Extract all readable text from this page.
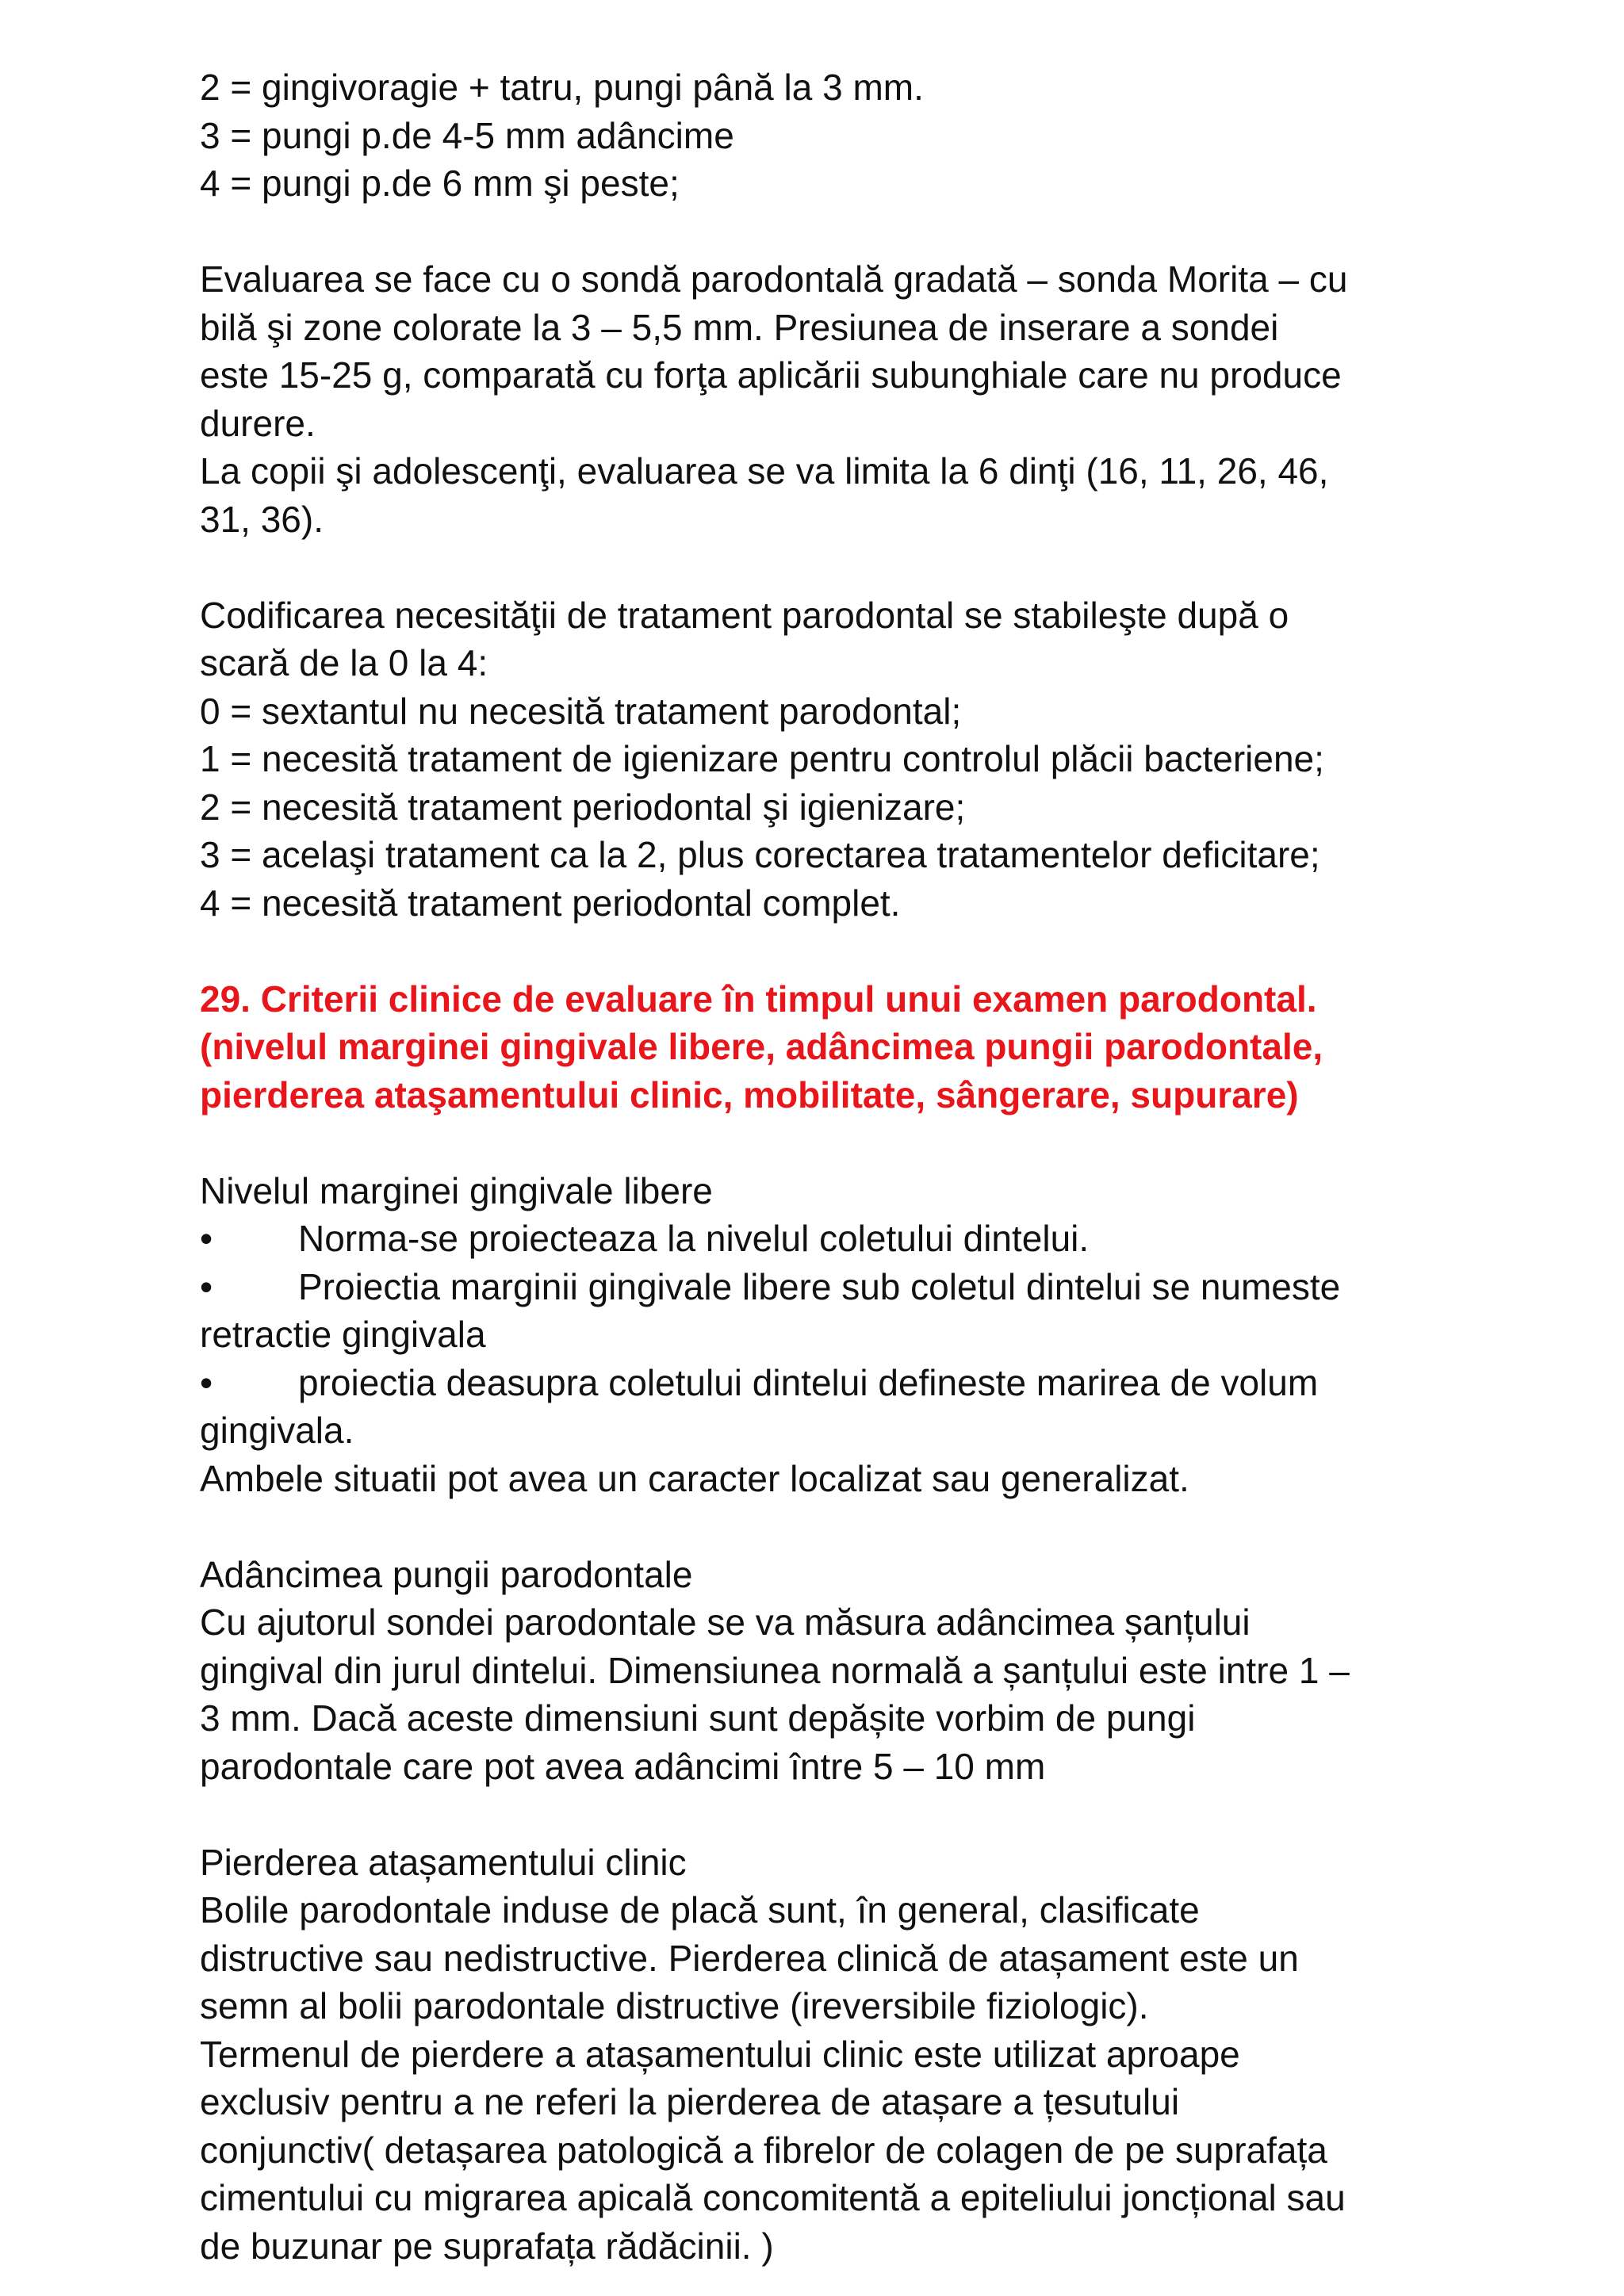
2 = gingivoragie + tatru, pungi până la 3 mm.

3 = pungi p.de 4-5 mm adâncime

4 = pungi p.de 6 mm şi peste;

Evaluarea se face cu o sondă parodontală gradată – sonda Morita – cu

bilă şi zone colorate la 3 – 5,5 mm. Presiunea de inserare a sondei

este 15-25 g, comparată cu forţa aplicării subunghiale care nu produce

durere.

La copii şi adolescenţi, evaluarea se va limita la 6 dinţi (16, 11, 26, 46,

31, 36).

Codificarea necesităţii de tratament parodontal se stabileşte după o

scară de la 0 la 4:

0 = sextantul nu necesită tratament parodontal;

1 = necesită tratament de igienizare pentru controlul plăcii bacteriene;

2 = necesită tratament periodontal şi igienizare;

3 = acelaşi tratament ca la 2, plus corectarea tratamentelor deficitare;

4 = necesită tratament periodontal complet.

29. Criterii clinice de evaluare în timpul unui examen parodontal.

(nivelul marginei gingivale libere, adâncimea pungii parodontale,

pierderea ataşamentului clinic, mobilitate, sângerare, supurare)

Nivelul marginei gingivale libere

• Norma-se proiecteaza la nivelul coletului dintelui.

• Proiectia marginii gingivale libere sub coletul dintelui se numeste

retractie gingivala

• proiectia deasupra coletului dintelui defineste marirea de volum

gingivala.

Ambele situatii pot avea un caracter localizat sau generalizat.

Adâncimea pungii parodontale

Cu ajutorul sondei parodontale se va măsura adâncimea șanțului

gingival din jurul dintelui. Dimensiunea normală a șanțului este intre 1 –

3 mm. Dacă aceste dimensiuni sunt depășite vorbim de pungi

parodontale care pot avea adâncimi între 5 – 10 mm

Pierderea atașamentului clinic

Bolile parodontale induse de placă sunt, în general, clasificate

distructive sau nedistructive. Pierderea clinică de atașament este un

semn al bolii parodontale distructive (ireversibile fiziologic).

Termenul de pierdere a atașamentului clinic este utilizat aproape

exclusiv pentru a ne referi la pierderea de atașare a țesutului

conjunctiv( detașarea patologică a fibrelor de colagen de pe suprafața

cimentului cu migrarea apicală concomitentă a epiteliului joncțional sau

de buzunar pe suprafața rădăcinii. )
